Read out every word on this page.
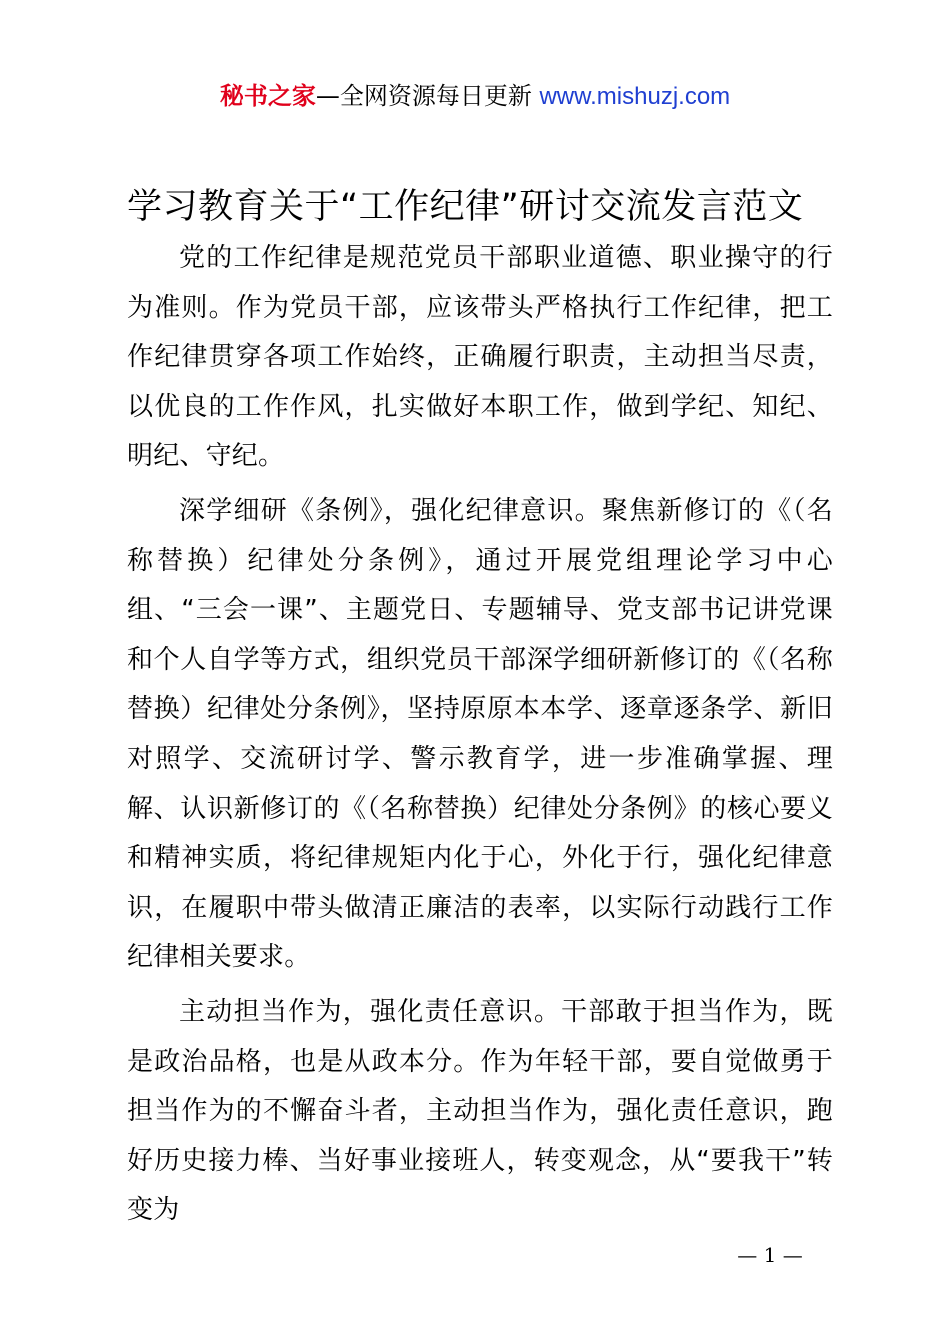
秘书之家—全网资源每日更新 www.mishuzj.com
学习教育关于“工作纪律”研讨交流发言范文

党的工作纪律是规范党员干部职业道德、职业操守的行为准则。作为党员干部，应该带头严格执行工作纪律，把工作纪律贯穿各项工作始终，正确履行职责，主动担当尽责，以优良的工作作风，扎实做好本职工作，做到学纪、知纪、明纪、守纪。

深学细研《条例》，强化纪律意识。聚焦新修订的《（名称替换）纪律处分条例》，通过开展党组理论学习中心组、“三会一课”、主题党日、专题辅导、党支部书记讲党课和个人自学等方式，组织党员干部深学细研新修订的《（名称替换）纪律处分条例》，坚持原原本本学、逐章逐条学、新旧对照学、交流研讨学、警示教育学，进一步准确掌握、理解、认识新修订的《（名称替换）纪律处分条例》的核心要义和精神实质，将纪律规矩内化于心，外化于行，强化纪律意识，在履职中带头做清正廉洁的表率，以实际行动践行工作纪律相关要求。

主动担当作为，强化责任意识。干部敢于担当作为，既是政治品格，也是从政本分。作为年轻干部，要自觉做勇于担当作为的不懈奋斗者，主动担当作为，强化责任意识，跑好历史接力棒、当好事业接班人，转变观念，从“要我干”转变为

— 1 —
